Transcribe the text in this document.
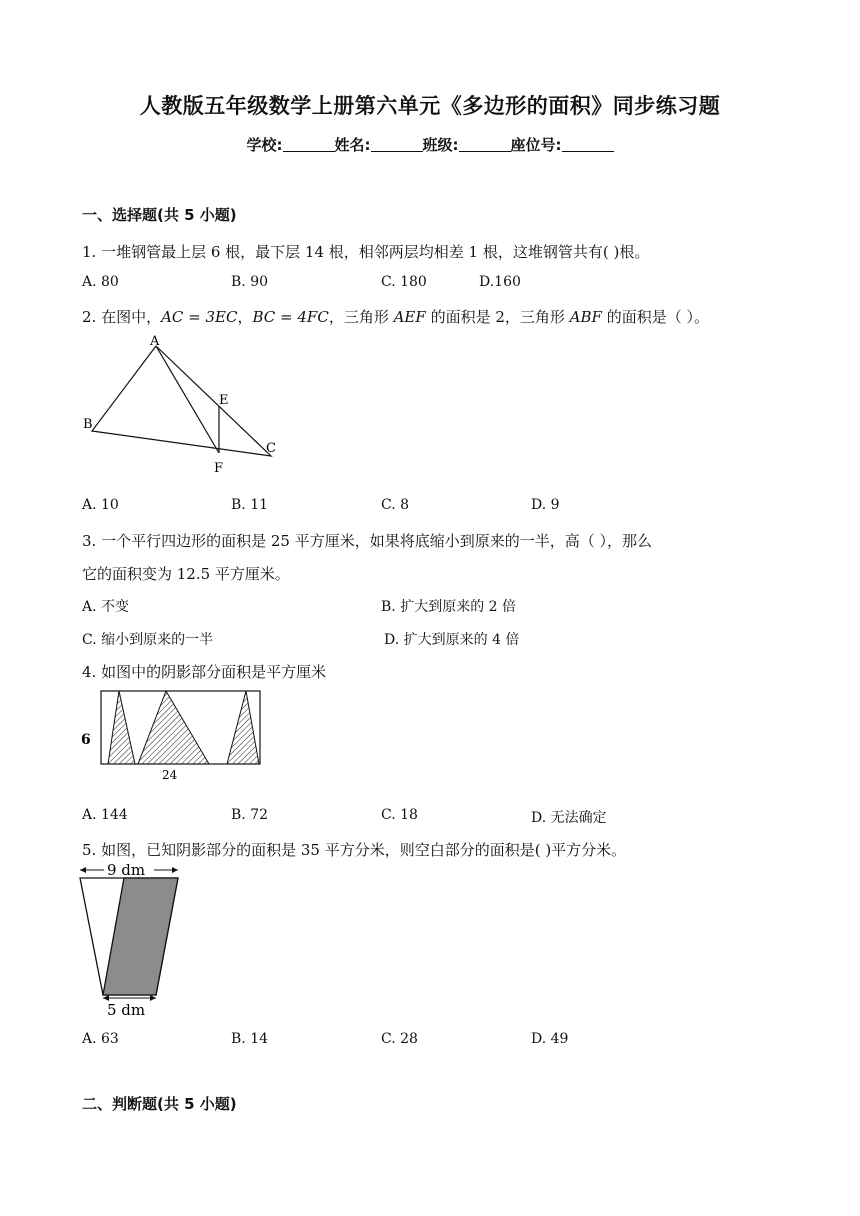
人教版五年级数学上册第六单元《多边形的面积》同步练习题
学校:	姓名:	班级:	座位号:
一、选择题(共 5 小题)
1. 一堆钢管最上层 6 根，最下层 14 根，相邻两层均相差 1 根，这堆钢管共有( )根。
A. 80	B. 90	C. 180	D.160
2. 在图中，AC = 3EC，BC = 4FC，三角形 AEF 的面积是 2，三角形 ABF 的面积是（ ）。
A
E
B
C
F
A. 10	B. 11	C. 8	D. 9
3. 一个平行四边形的面积是 25 平方厘米，如果将底缩小到原来的一半，高（ ），那么
它的面积变为 12.5 平方厘米。
A. 不变	B. 扩大到原来的 2 倍
C. 缩小到原来的一半	D. 扩大到原来的 4 倍
4. 如图中的阴影部分面积是平方厘米
6
24
A. 144	B. 72	C. 18	D. 无法确定
5. 如图，已知阴影部分的面积是 35 平方分米，则空白部分的面积是( )平方分米。
9 dm
5 dm
A. 63	B. 14	C. 28	D. 49
二、判断题(共 5 小题)
